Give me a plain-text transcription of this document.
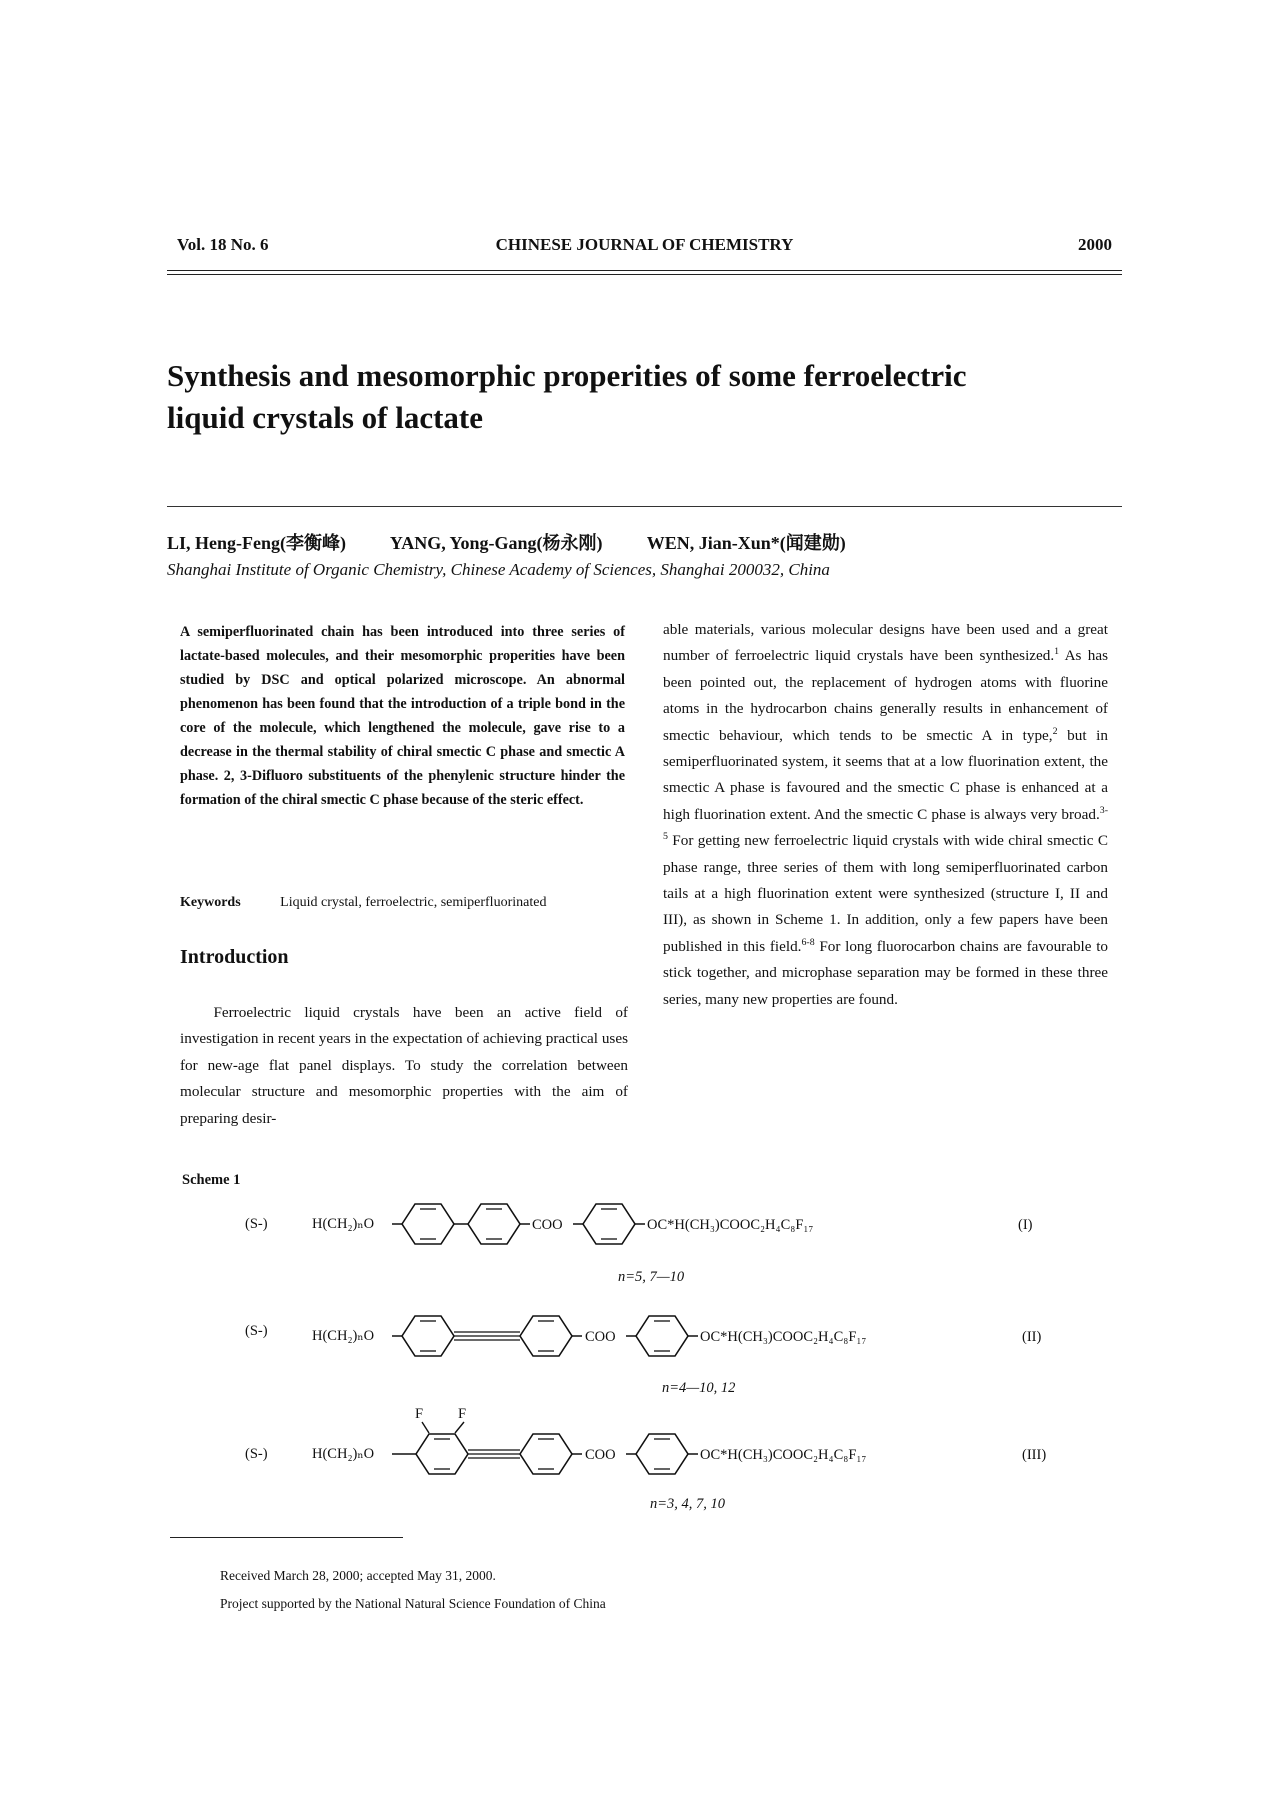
Vol. 18 No. 6	CHINESE JOURNAL OF CHEMISTRY	2000
Synthesis and mesomorphic properities of some ferroelectric
liquid crystals of lactate
LI, Heng-Feng(李衡峰) YANG, Yong-Gang(杨永刚) WEN, Jian-Xun*(闻建勋)
Shanghai Institute of Organic Chemistry, Chinese Academy of Sciences, Shanghai 200032, China
A semiperfluorinated chain has been introduced into three series of lactate-based molecules, and their mesomorphic properities have been studied by DSC and optical polarized microscope. An abnormal phenomenon has been found that the introduction of a triple bond in the core of the molecule, which lengthened the molecule, gave rise to a decrease in the thermal stability of chiral smectic C phase and smectic A phase. 2, 3-Difluoro substituents of the phenylenic structure hinder the formation of the chiral smectic C phase because of the steric effect.
Keywords	Liquid crystal, ferroelectric, semiperfluorinated
Introduction
Ferroelectric liquid crystals have been an active field of investigation in recent years in the expectation of achieving practical uses for new-age flat panel displays. To study the correlation between molecular structure and mesomorphic properties with the aim of preparing desir-
able materials, various molecular designs have been used and a great number of ferroelectric liquid crystals have been synthesized.$^1$ As has been pointed out, the replacement of hydrogen atoms with fluorine atoms in the hydrocarbon chains generally results in enhancement of smectic behaviour, which tends to be smectic A in type,$^2$ but in semiperfluorinated system, it seems that at a low fluorination extent, the smectic A phase is favoured and the smectic C phase is enhanced at a high fluorination extent. And the smectic C phase is always very broad.$^{3-5}$ For getting new ferroelectric liquid crystals with wide chiral smectic C phase range, three series of them with long semiperfluorinated carbon tails at a high fluorination extent were synthesized (structure I, II and III), as shown in Scheme 1. In addition, only a few papers have been published in this field.$^{6-8}$ For long fluorocarbon chains are favourable to stick together, and microphase separation may be formed in these three series, many new properties are found.
Scheme 1
(S-)	H(CH₂)ₙO	COO	OC*H(CH₃)COOC₂H₄C₈F₁₇	(I)
n=5, 7—10
(S-)	H(CH₂)ₙO	COO	OC*H(CH₃)COOC₂H₄C₈F₁₇	(II)
n=4—10, 12
F F
(S-)	H(CH₂)ₙO	COO	OC*H(CH₃)COOC₂H₄C₈F₁₇	(III)
n=3, 4, 7, 10
Received March 28, 2000; accepted May 31, 2000.
Project supported by the National Natural Science Foundation of China
